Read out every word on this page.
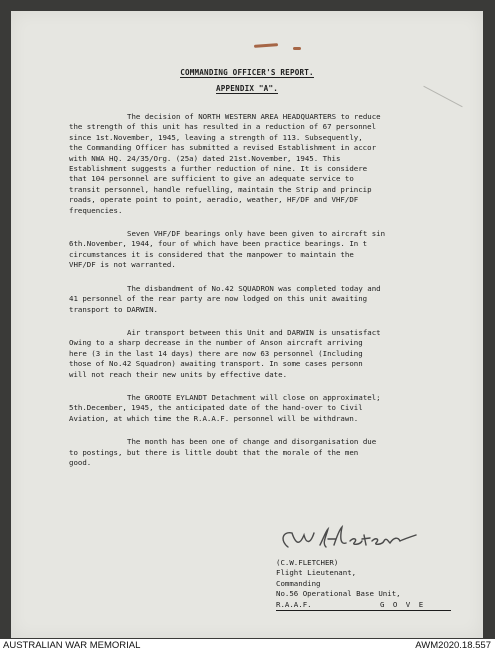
COMMANDING OFFICER'S REPORT.
APPENDIX "A".
The decision of NORTH WESTERN AREA HEADQUARTERS to reduce
the strength of this unit has resulted in a reduction of 67 personnel
since 1st.November, 1945, leaving a strength of 113. Subsequently,
the Commanding Officer has submitted a revised Establishment in accor
with NWA HQ. 24/35/Org. (25a) dated 21st.November, 1945. This
Establishment suggests a further reduction of nine. It is considere
that 104 personnel are sufficient to give an adequate service to
transit personnel, handle refuelling, maintain the Strip and princip
roads, operate point to point, aeradio, weather, HF/DF and VHF/DF
frequencies.
Seven VHF/DF bearings only have been given to aircraft sin
6th.November, 1944, four of which have been practice bearings. In t
circumstances it is considered that the manpower to maintain the
VHF/DF is not warranted.
The disbandment of No.42 SQUADRON was completed today and
41 personnel of the rear party are now lodged on this unit awaiting
transport to DARWIN.
Air transport between this Unit and DARWIN is unsatisfact
Owing to a sharp decrease in the number of Anson aircraft arriving
here (3 in the last 14 days) there are now 63 personnel (Including
those of No.42 Squadron) awaiting transport. In some cases personn
will not reach their new units by effective date.
The GROOTE EYLANDT Detachment will close on approximatel;
5th.December, 1945, the anticipated date of the hand-over to Civil
Aviation, at which time the R.A.A.F. personnel will be withdrawn.
The month has been one of change and disorganisation due
to postings, but there is little doubt that the morale of the men
good.
(C.W.FLETCHER)
Flight Lieutenant,
Commanding
No.56 Operational Base Unit,
R.A.A.F.	G O V E
AUSTRALIAN WAR MEMORIAL	AWM2020.18.557
